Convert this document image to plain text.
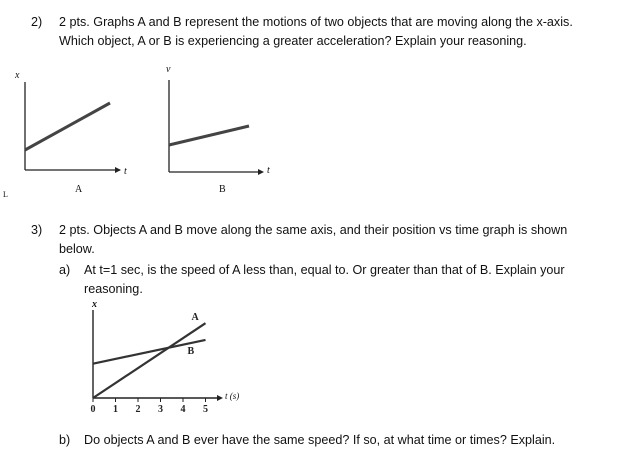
2) 2 pts. Graphs A and B represent the motions of two objects that are moving along the x-axis.
Which object, A or B is experiencing a greater acceleration? Explain your reasoning.
0 1 2 3 4 5
A
B
x
t
A
v
t
B
L
3) 2 pts. Objects A and B move along the same axis, and their position vs time graph is shown
below.
a) At t=1 sec, is the speed of A less than, equal to. Or greater than that of B. Explain your
reasoning.
x
t (s)
b) Do objects A and B ever have the same speed? If so, at what time or times? Explain.
